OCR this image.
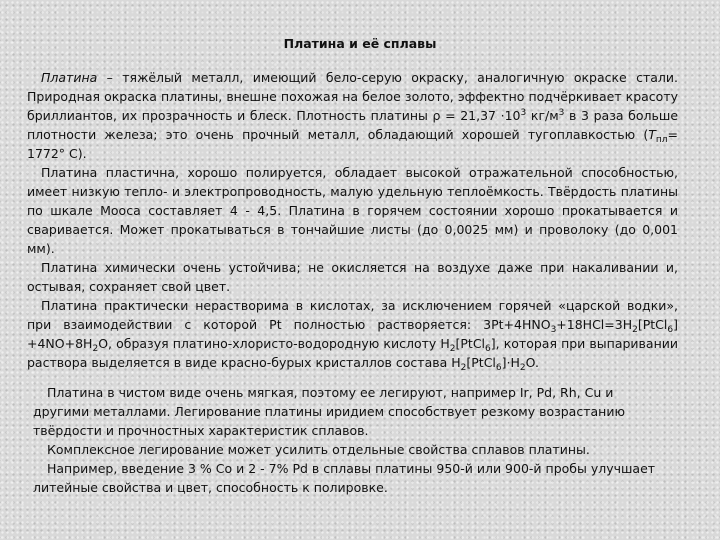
Платина и её сплавы

Платина – тяжёлый металл, имеющий бело-серую окраску, аналогичную окраске стали. Природная окраска платины, внешне похожая на белое золото, эффектно подчёркивает красоту бриллиантов, их прозрачность и блеск. Плотность платины $\rho = 21,37 \cdot 10^3$ $кг/м^3$ в 3 раза больше плотности железа; это очень прочный металл, обладающий хорошей тугоплавкостью ($T_{пл}= 1772^\circ$ С).

Платина пластична, хорошо полируется, обладает высокой отражательной способностью, имеет низкую тепло- и электропроводность, малую удельную теплоёмкость. Твёрдость платины по шкале Мооса составляет 4 - 4,5. Платина в горячем состоянии хорошо прокатывается и сваривается. Может прокатываться в тончайшие листы (до 0,0025 мм) и проволоку (до 0,001 мм).

Платина химически очень устойчива; не окисляется на воздухе даже при накаливании и, остывая, сохраняет свой цвет.

Платина практически нерастворима в кислотах, за исключением горячей «царской водки», при взаимодействии с которой Pt полностью растворяется: $3Pt+4HNO_3+18HCl=3H_2[PtCl_6] +4NO+8H_2O$, образуя платино-хлористо-водородную кислоту $H_2[PtCl_6]$, которая при выпаривании раствора выделяется в виде красно-бурых кристаллов состава $H_2[PtCl_6]\cdot H_2O$.

Платина в чистом виде очень мягкая, поэтому ее легируют, например Ir, Pd, Rh, Cu и другими металлами. Легирование платины иридием способствует резкому возрастанию твёрдости и прочностных характеристик сплавов.

Комплексное легирование может усилить отдельные свойства сплавов платины.

Например, введение 3 % Co и 2 - 7% Pd в сплавы платины 950-й или 900-й пробы улучшает литейные свойства и цвет, способность к полировке.
